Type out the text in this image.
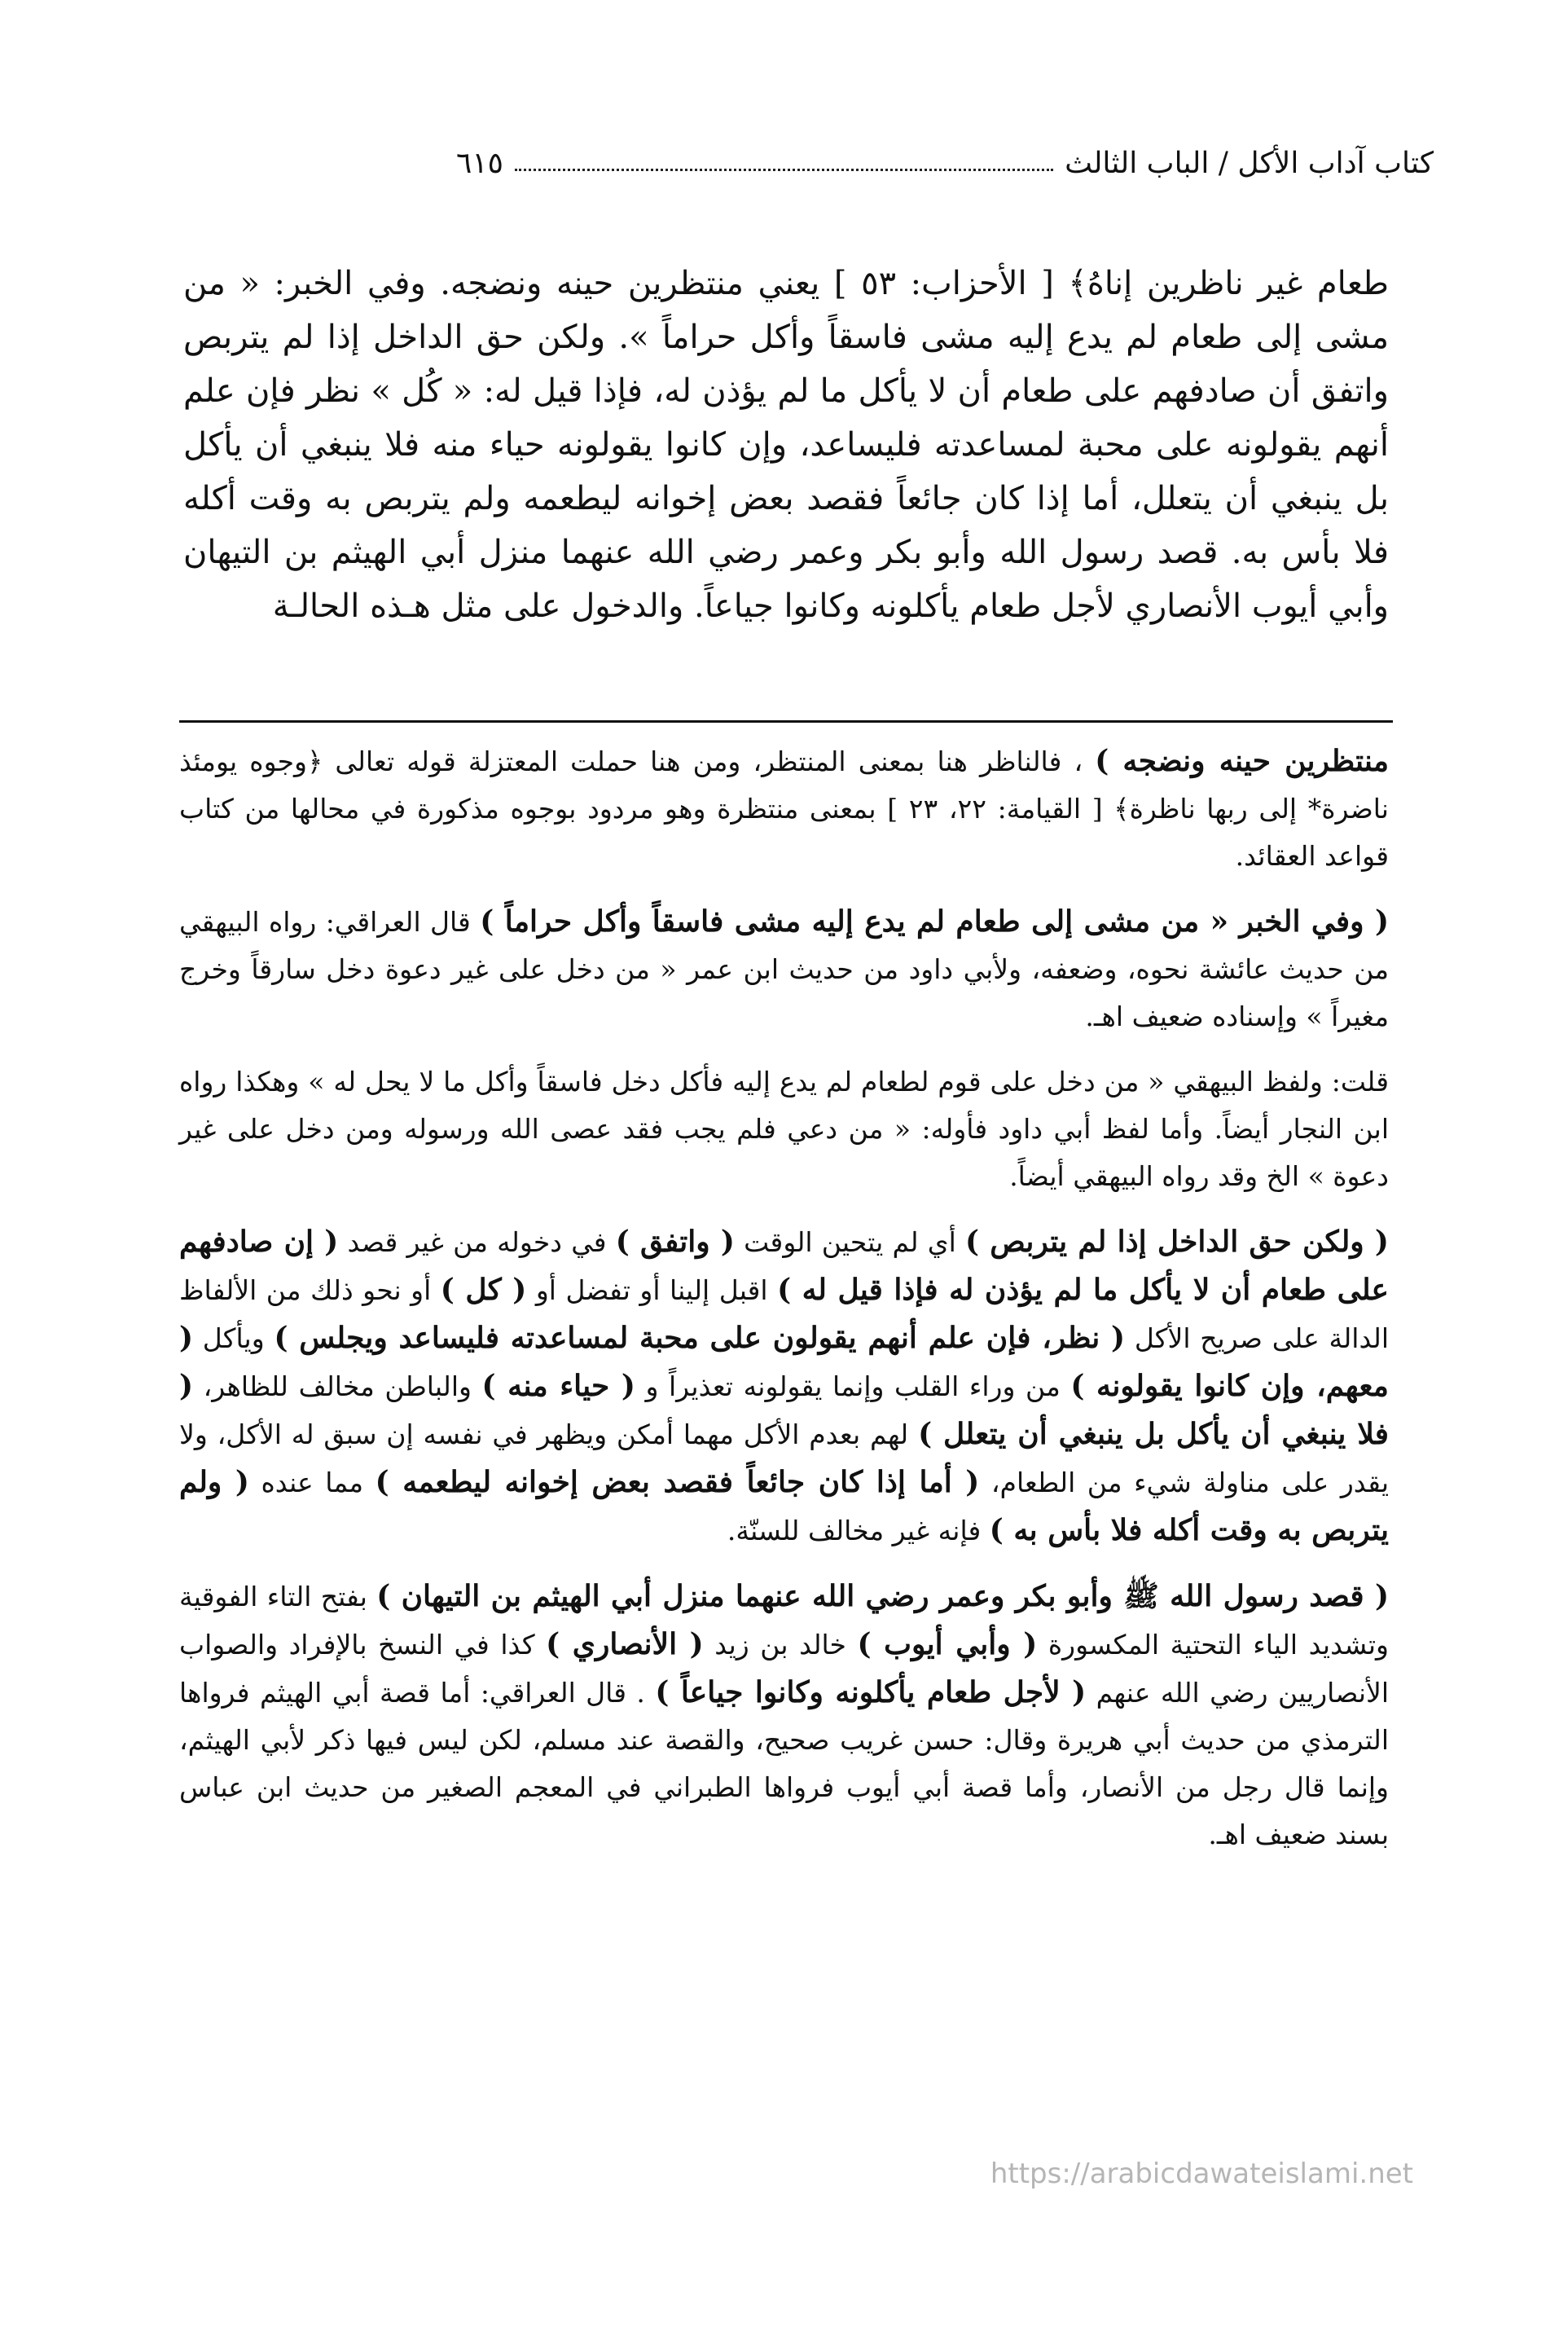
كتاب آداب الأكل / الباب الثالث
٦١٥
طعام غير ناظرين إناهُ﴾ [ الأحزاب: ٥٣ ] يعني منتظرين حينه ونضجه. وفي الخبر: « من مشى إلى طعام لم يدع إليه مشى فاسقاً وأكل حراماً ». ولكن حق الداخل إذا لم يتربص واتفق أن صادفهم على طعام أن لا يأكل ما لم يؤذن له، فإذا قيل له: « كُل » نظر فإن علم أنهم يقولونه على محبة لمساعدته فليساعد، وإن كانوا يقولونه حياء منه فلا ينبغي أن يأكل بل ينبغي أن يتعلل، أما إذا كان جائعاً فقصد بعض إخوانه ليطعمه ولم يتربص به وقت أكله فلا بأس به. قصد رسول الله وأبو بكر وعمر رضي الله عنهما منزل أبي الهيثم بن التيهان وأبي أيوب الأنصاري لأجل طعام يأكلونه وكانوا جياعاً. والدخول على مثل هـذه الحالـة

منتظرين حينه ونضجه ) ، فالناظر هنا بمعنى المنتظر، ومن هنا حملت المعتزلة قوله تعالى ﴿وجوه يومئذ ناضرة* إلى ربها ناظرة﴾ [ القيامة: ٢٢، ٢٣ ] بمعنى منتظرة وهو مردود بوجوه مذكورة في محالها من كتاب قواعد العقائد.

( وفي الخبر « من مشى إلى طعام لم يدع إليه مشى فاسقاً وأكل حراماً ) قال العراقي: رواه البيهقي من حديث عائشة نحوه، وضعفه، ولأبي داود من حديث ابن عمر « من دخل على غير دعوة دخل سارقاً وخرج مغيراً » وإسناده ضعيف اهـ.

قلت: ولفظ البيهقي « من دخل على قوم لطعام لم يدع إليه فأكل دخل فاسقاً وأكل ما لا يحل له » وهكذا رواه ابن النجار أيضاً. وأما لفظ أبي داود فأوله: « من دعي فلم يجب فقد عصى الله ورسوله ومن دخل على غير دعوة » الخ وقد رواه البيهقي أيضاً.

( ولكن حق الداخل إذا لم يتربص ) أي لم يتحين الوقت ( واتفق ) في دخوله من غير قصد ( إن صادفهم على طعام أن لا يأكل ما لم يؤذن له فإذا قيل له ) اقبل إلينا أو تفضل أو ( كل ) أو نحو ذلك من الألفاظ الدالة على صريح الأكل ( نظر، فإن علم أنهم يقولون على محبة لمساعدته فليساعد ويجلس ) ويأكل ( معهم، وإن كانوا يقولونه ) من وراء القلب وإنما يقولونه تعذيراً و ( حياء منه ) والباطن مخالف للظاهر، ( فلا ينبغي أن يأكل بل ينبغي أن يتعلل ) لهم بعدم الأكل مهما أمكن ويظهر في نفسه إن سبق له الأكل، ولا يقدر على مناولة شيء من الطعام، ( أما إذا كان جائعاً فقصد بعض إخوانه ليطعمه ) مما عنده ( ولم يتربص به وقت أكله فلا بأس به ) فإنه غير مخالف للسنّة.

( قصد رسول الله ﷺ وأبو بكر وعمر رضي الله عنهما منزل أبي الهيثم بن التيهان ) بفتح التاء الفوقية وتشديد الياء التحتية المكسورة ( وأبي أيوب ) خالد بن زيد ( الأنصاري ) كذا في النسخ بالإفراد والصواب الأنصاريين رضي الله عنهم ( لأجل طعام يأكلونه وكانوا جياعاً ) . قال العراقي: أما قصة أبي الهيثم فرواها الترمذي من حديث أبي هريرة وقال: حسن غريب صحيح، والقصة عند مسلم، لكن ليس فيها ذكر لأبي الهيثم، وإنما قال رجل من الأنصار، وأما قصة أبي أيوب فرواها الطبراني في المعجم الصغير من حديث ابن عباس بسند ضعيف اهـ.

https://arabicdawateislami.net
